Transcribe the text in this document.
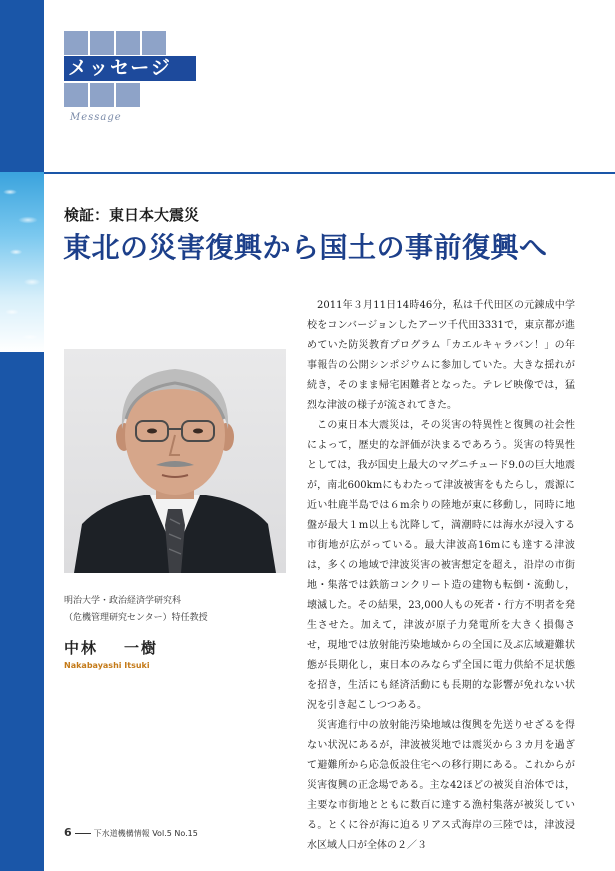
メッセージ
Message
検証：東日本大震災
東北の災害復興から国土の事前復興へ
明治大学・政治経済学研究科
（危機管理研究センター）特任教授
中林 一樹
Nakabayashi Itsuki

2011年３月11日14時46分，私は千代田区の元錬成中学校をコンバージョンしたアーツ千代田3331で，東京都が進めていた防災教育プログラム「カエルキャラバン！」の年事報告の公開シンポジウムに参加していた。大きな揺れが続き，そのまま帰宅困難者となった。テレビ映像では，猛烈な津波の様子が流されてきた。

この東日本大震災は，その災害の特異性と復興の社会性によって，歴史的な評価が決まるであろう。災害の特異性としては，我が国史上最大のマグニチュード9.0の巨大地震が，南北600kmにもわたって津波被害をもたらし，震源に近い牡鹿半島では６m余りの陸地が東に移動し，同時に地盤が最大１m以上も沈降して，満潮時には海水が浸入する市街地が広がっている。最大津波高16mにも達する津波は，多くの地域で津波災害の被害想定を超え，沿岸の市街地・集落では鉄筋コンクリート造の建物も転倒・流動し，壊滅した。その結果，23,000人もの死者・行方不明者を発生させた。加えて，津波が原子力発電所を大きく損傷させ，現地では放射能汚染地域からの全国に及ぶ広域避難状態が長期化し，東日本のみならず全国に電力供給不足状態を招き，生活にも経済活動にも長期的な影響が免れない状況を引き起こしつつある。

災害進行中の放射能汚染地域は復興を先送りせざるを得ない状況にあるが，津波被災地では震災から３カ月を過ぎて避難所から応急仮設住宅への移行期にある。これからが災害復興の正念場である。主な42ほどの被災自治体では，主要な市街地とともに数百に達する漁村集落が被災している。とくに谷が海に迫るリアス式海岸の三陸では，津波浸水区域人口が全体の２／３

6	下水道機構情報 Vol.5 No.15
